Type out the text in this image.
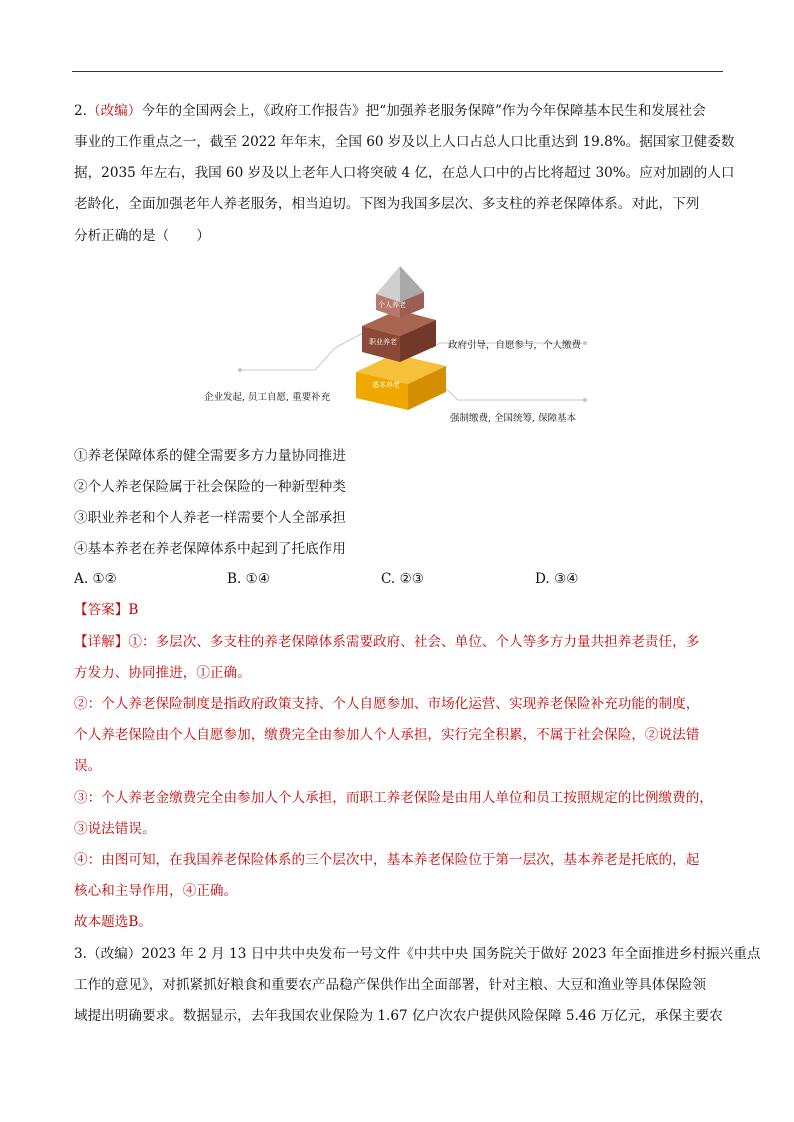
2.（改编）今年的全国两会上，《政府工作报告》把“加强养老服务保障”作为今年保障基本民生和发展社会
事业的工作重点之一，截至 2022 年年末，全国 60 岁及以上人口占总人口比重达到 19.8%。据国家卫健委数
据，2035 年左右，我国 60 岁及以上老年人口将突破 4 亿，在总人口中的占比将超过 30%。应对加剧的人口
老龄化，全面加强老年人养老服务，相当迫切。下图为我国多层次、多支柱的养老保障体系。对此，下列
分析正确的是（　　）
个人养老
职业养老
基本养老
政府引导，自愿参与，个人缴费
企业发起, 员工自愿, 重要补充
强制缴费, 全国统筹, 保障基本
①养老保障体系的健全需要多方力量协同推进
②个人养老保险属于社会保险的一种新型种类
③职业养老和个人养老一样需要个人全部承担
④基本养老在养老保障体系中起到了托底作用
A. ①②	B. ①④	C. ②③	D. ③④
【答案】B
【详解】①：多层次、多支柱的养老保障体系需要政府、社会、单位、个人等多方力量共担养老责任，多
方发力、协同推进，①正确。
②：个人养老保险制度是指政府政策支持、个人自愿参加、市场化运营、实现养老保险补充功能的制度，
个人养老保险由个人自愿参加，缴费完全由参加人个人承担，实行完全积累，不属于社会保险，②说法错
误。
③：个人养老金缴费完全由参加人个人承担，而职工养老保险是由用人单位和员工按照规定的比例缴费的，
③说法错误。
④：由图可知，在我国养老保险体系的三个层次中，基本养老保险位于第一层次，基本养老是托底的，起
核心和主导作用，④正确。
故本题选B。
3.（改编）2023 年 2 月 13 日中共中央发布一号文件《中共中央 国务院关于做好 2023 年全面推进乡村振兴重点
工作的意见》，对抓紧抓好粮食和重要农产品稳产保供作出全面部署，针对主粮、大豆和渔业等具体保险领
域提出明确要求。数据显示，去年我国农业保险为 1.67 亿户次农户提供风险保障 5.46 万亿元，承保主要农
